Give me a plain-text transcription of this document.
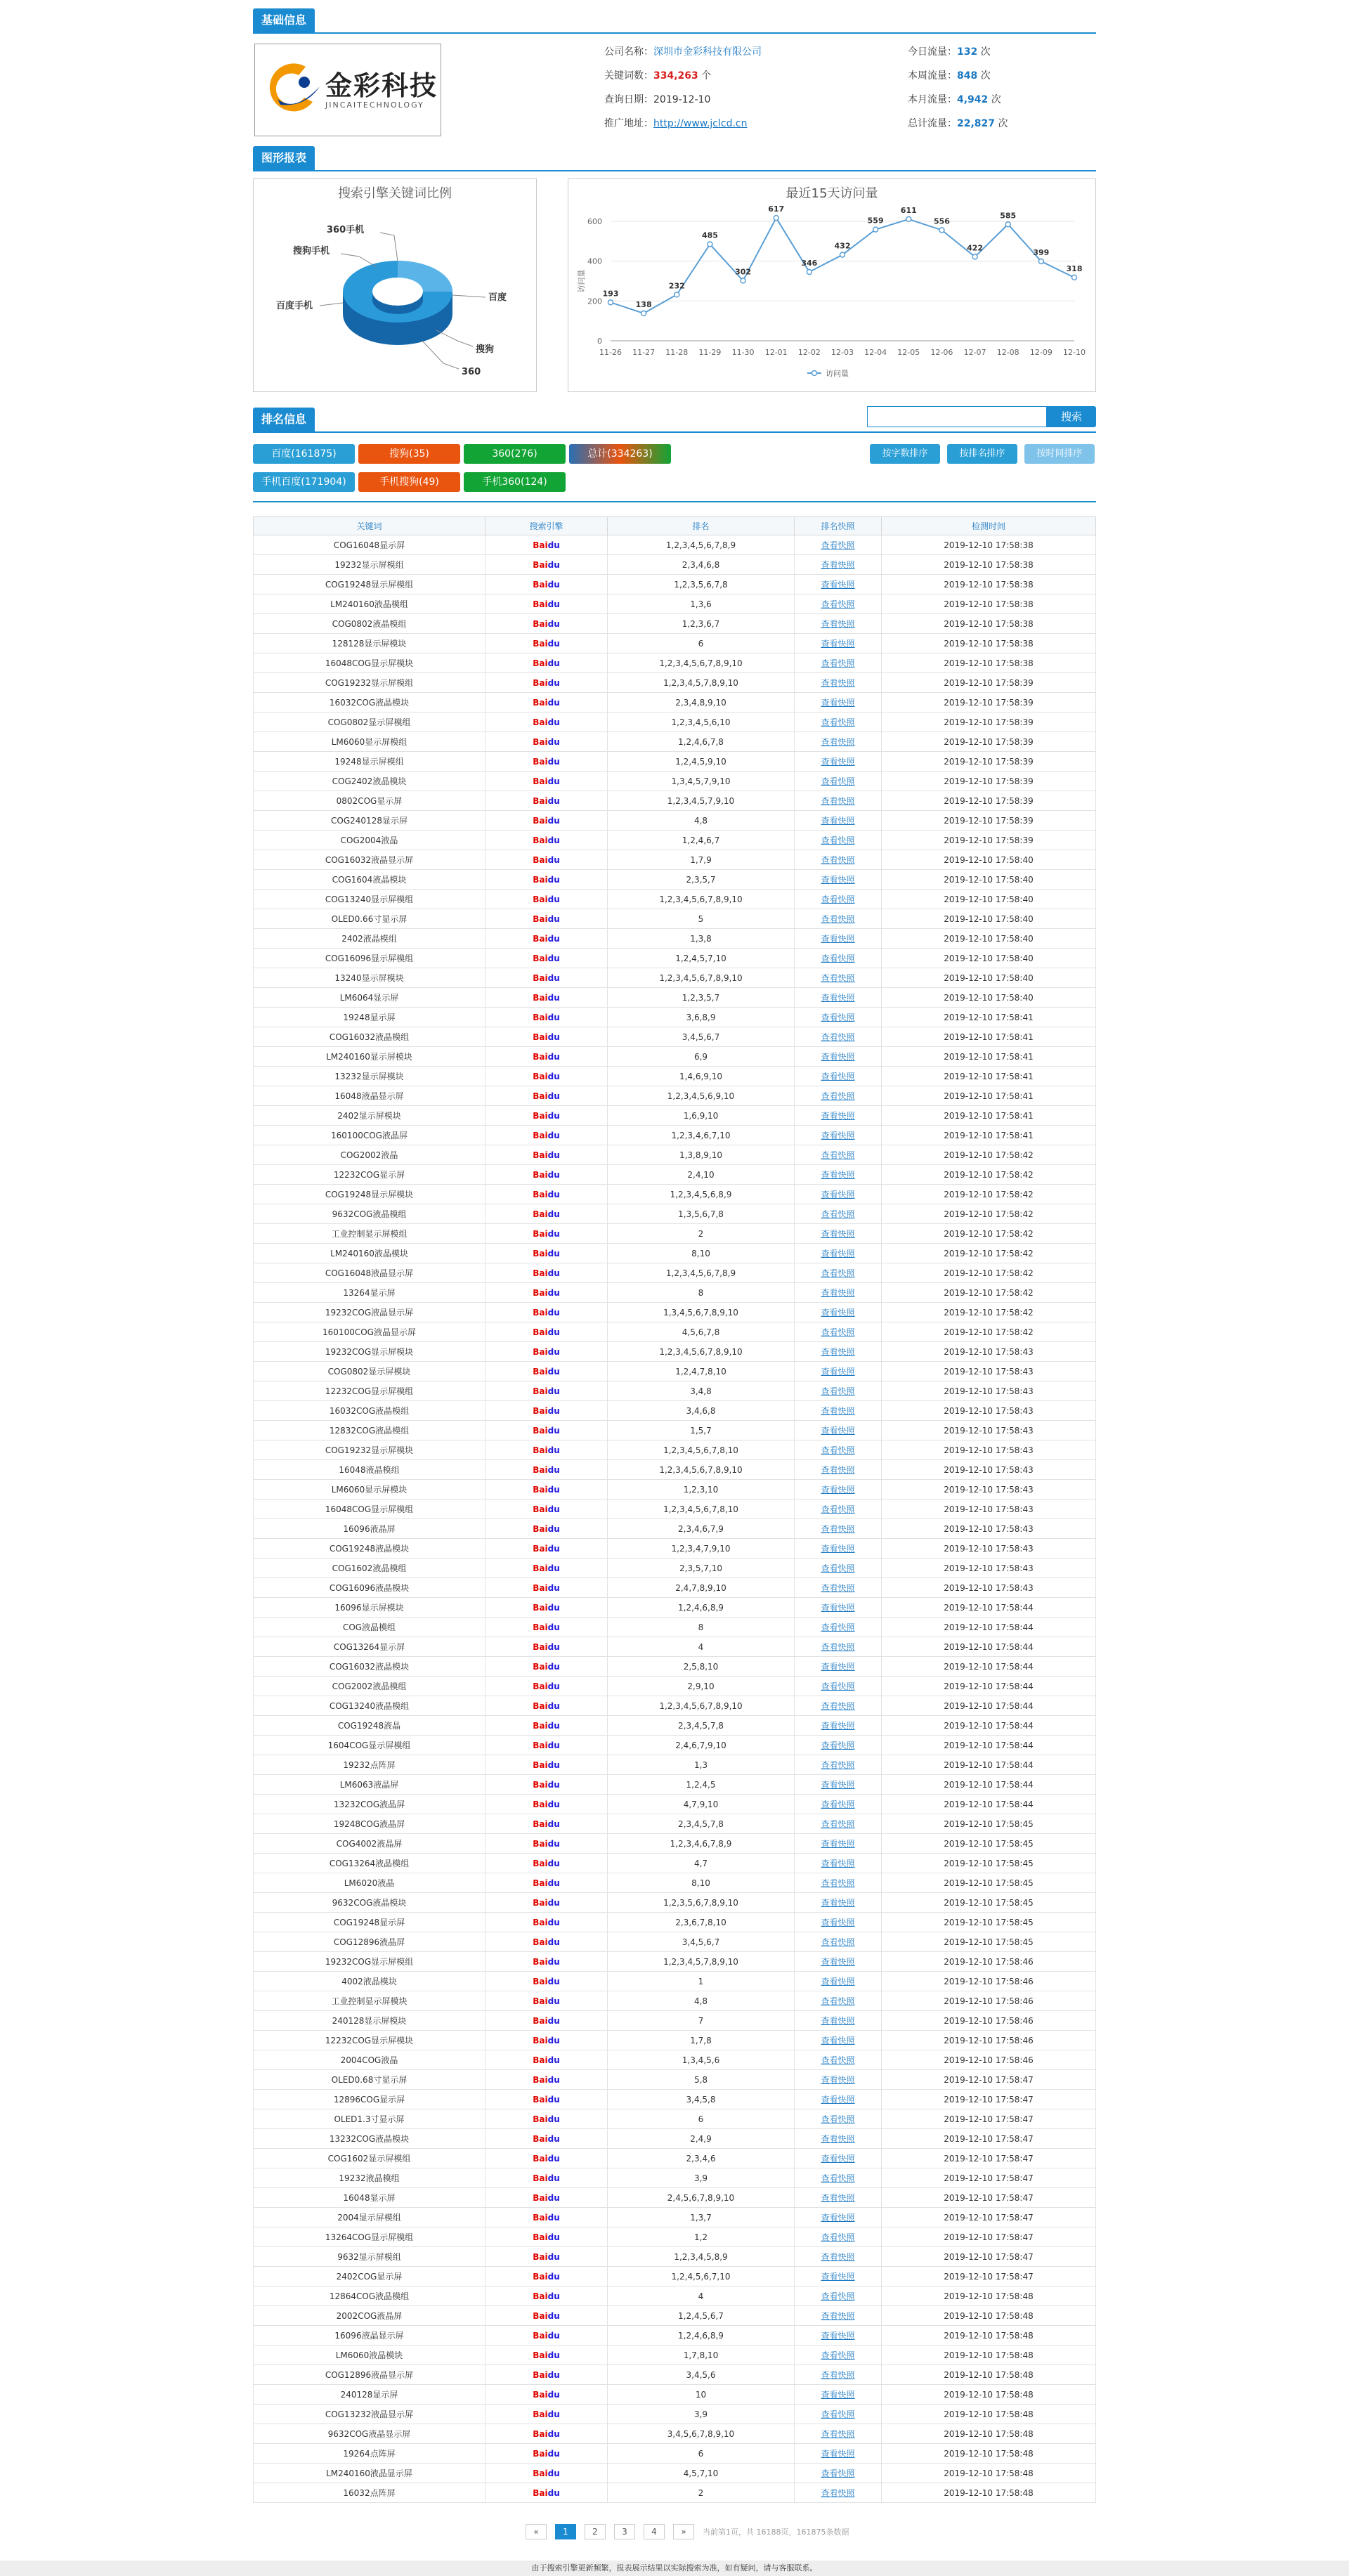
基础信息
金彩科技
JINCAITECHNOLOGY
公司名称：深圳市金彩科技有限公司
关键词数：334,263 个
查询日期：2019-12-10
推广地址：http://www.jclcd.cn
今日流量：132 次
本周流量：848 次
本月流量：4,942 次
总计流量：22,827 次
图形报表
搜索引擎关键词比例
360手机
搜狗手机
百度手机
百度
搜狗
360
最近15天访问量
0
200
400
600
访问量
11-26 11-27 11-28 11-29 11-30 12-01 12-02 12-03 12-04 12-05 12-06 12-07 12-08 12-09 12-10
193
138
232
485
302
617
346
432
559
611
556
422
585
399
318
访问量
排名信息	搜索
百度(161875)	搜狗(35)	360(276)	总计(334263)
手机百度(171904)	手机搜狗(49)	手机360(124)
按字数排序	按排名排序	按时间排序
关键词	搜索引擎	排名	排名快照	检测时间
COG16048显示屏	Baidu	1,2,3,4,5,6,7,8,9	查看快照	2019-12-10 17:58:38
19232显示屏模组	Baidu	2,3,4,6,8	查看快照	2019-12-10 17:58:38
COG19248显示屏模组	Baidu	1,2,3,5,6,7,8	查看快照	2019-12-10 17:58:38
LM240160液晶模组	Baidu	1,3,6	查看快照	2019-12-10 17:58:38
COG0802液晶模组	Baidu	1,2,3,6,7	查看快照	2019-12-10 17:58:38
128128显示屏模块	Baidu	6	查看快照	2019-12-10 17:58:38
16048COG显示屏模块	Baidu	1,2,3,4,5,6,7,8,9,10	查看快照	2019-12-10 17:58:38
COG19232显示屏模组	Baidu	1,2,3,4,5,7,8,9,10	查看快照	2019-12-10 17:58:39
16032COG液晶模块	Baidu	2,3,4,8,9,10	查看快照	2019-12-10 17:58:39
COG0802显示屏模组	Baidu	1,2,3,4,5,6,10	查看快照	2019-12-10 17:58:39
LM6060显示屏模组	Baidu	1,2,4,6,7,8	查看快照	2019-12-10 17:58:39
19248显示屏模组	Baidu	1,2,4,5,9,10	查看快照	2019-12-10 17:58:39
COG2402液晶模块	Baidu	1,3,4,5,7,9,10	查看快照	2019-12-10 17:58:39
0802COG显示屏	Baidu	1,2,3,4,5,7,9,10	查看快照	2019-12-10 17:58:39
COG240128显示屏	Baidu	4,8	查看快照	2019-12-10 17:58:39
COG2004液晶	Baidu	1,2,4,6,7	查看快照	2019-12-10 17:58:39
COG16032液晶显示屏	Baidu	1,7,9	查看快照	2019-12-10 17:58:40
COG1604液晶模块	Baidu	2,3,5,7	查看快照	2019-12-10 17:58:40
COG13240显示屏模组	Baidu	1,2,3,4,5,6,7,8,9,10	查看快照	2019-12-10 17:58:40
OLED0.66寸显示屏	Baidu	5	查看快照	2019-12-10 17:58:40
2402液晶模组	Baidu	1,3,8	查看快照	2019-12-10 17:58:40
COG16096显示屏模组	Baidu	1,2,4,5,7,10	查看快照	2019-12-10 17:58:40
13240显示屏模块	Baidu	1,2,3,4,5,6,7,8,9,10	查看快照	2019-12-10 17:58:40
LM6064显示屏	Baidu	1,2,3,5,7	查看快照	2019-12-10 17:58:40
19248显示屏	Baidu	3,6,8,9	查看快照	2019-12-10 17:58:41
COG16032液晶模组	Baidu	3,4,5,6,7	查看快照	2019-12-10 17:58:41
LM240160显示屏模块	Baidu	6,9	查看快照	2019-12-10 17:58:41
13232显示屏模块	Baidu	1,4,6,9,10	查看快照	2019-12-10 17:58:41
16048液晶显示屏	Baidu	1,2,3,4,5,6,9,10	查看快照	2019-12-10 17:58:41
2402显示屏模块	Baidu	1,6,9,10	查看快照	2019-12-10 17:58:41
160100COG液晶屏	Baidu	1,2,3,4,6,7,10	查看快照	2019-12-10 17:58:41
COG2002液晶	Baidu	1,3,8,9,10	查看快照	2019-12-10 17:58:42
12232COG显示屏	Baidu	2,4,10	查看快照	2019-12-10 17:58:42
COG19248显示屏模块	Baidu	1,2,3,4,5,6,8,9	查看快照	2019-12-10 17:58:42
9632COG液晶模组	Baidu	1,3,5,6,7,8	查看快照	2019-12-10 17:58:42
工业控制显示屏模组	Baidu	2	查看快照	2019-12-10 17:58:42
LM240160液晶模块	Baidu	8,10	查看快照	2019-12-10 17:58:42
COG16048液晶显示屏	Baidu	1,2,3,4,5,6,7,8,9	查看快照	2019-12-10 17:58:42
13264显示屏	Baidu	8	查看快照	2019-12-10 17:58:42
19232COG液晶显示屏	Baidu	1,3,4,5,6,7,8,9,10	查看快照	2019-12-10 17:58:42
160100COG液晶显示屏	Baidu	4,5,6,7,8	查看快照	2019-12-10 17:58:42
19232COG显示屏模块	Baidu	1,2,3,4,5,6,7,8,9,10	查看快照	2019-12-10 17:58:43
COG0802显示屏模块	Baidu	1,2,4,7,8,10	查看快照	2019-12-10 17:58:43
12232COG显示屏模组	Baidu	3,4,8	查看快照	2019-12-10 17:58:43
16032COG液晶模组	Baidu	3,4,6,8	查看快照	2019-12-10 17:58:43
12832COG液晶模组	Baidu	1,5,7	查看快照	2019-12-10 17:58:43
COG19232显示屏模块	Baidu	1,2,3,4,5,6,7,8,10	查看快照	2019-12-10 17:58:43
16048液晶模组	Baidu	1,2,3,4,5,6,7,8,9,10	查看快照	2019-12-10 17:58:43
LM6060显示屏模块	Baidu	1,2,3,10	查看快照	2019-12-10 17:58:43
16048COG显示屏模组	Baidu	1,2,3,4,5,6,7,8,10	查看快照	2019-12-10 17:58:43
16096液晶屏	Baidu	2,3,4,6,7,9	查看快照	2019-12-10 17:58:43
COG19248液晶模块	Baidu	1,2,3,4,7,9,10	查看快照	2019-12-10 17:58:43
COG1602液晶模组	Baidu	2,3,5,7,10	查看快照	2019-12-10 17:58:43
COG16096液晶模块	Baidu	2,4,7,8,9,10	查看快照	2019-12-10 17:58:43
16096显示屏模块	Baidu	1,2,4,6,8,9	查看快照	2019-12-10 17:58:44
COG液晶模组	Baidu	8	查看快照	2019-12-10 17:58:44
COG13264显示屏	Baidu	4	查看快照	2019-12-10 17:58:44
COG16032液晶模块	Baidu	2,5,8,10	查看快照	2019-12-10 17:58:44
COG2002液晶模组	Baidu	2,9,10	查看快照	2019-12-10 17:58:44
COG13240液晶模组	Baidu	1,2,3,4,5,6,7,8,9,10	查看快照	2019-12-10 17:58:44
COG19248液晶	Baidu	2,3,4,5,7,8	查看快照	2019-12-10 17:58:44
1604COG显示屏模组	Baidu	2,4,6,7,9,10	查看快照	2019-12-10 17:58:44
19232点阵屏	Baidu	1,3	查看快照	2019-12-10 17:58:44
LM6063液晶屏	Baidu	1,2,4,5	查看快照	2019-12-10 17:58:44
13232COG液晶屏	Baidu	4,7,9,10	查看快照	2019-12-10 17:58:44
19248COG液晶屏	Baidu	2,3,4,5,7,8	查看快照	2019-12-10 17:58:45
COG4002液晶屏	Baidu	1,2,3,4,6,7,8,9	查看快照	2019-12-10 17:58:45
COG13264液晶模组	Baidu	4,7	查看快照	2019-12-10 17:58:45
LM6020液晶	Baidu	8,10	查看快照	2019-12-10 17:58:45
9632COG液晶模块	Baidu	1,2,3,5,6,7,8,9,10	查看快照	2019-12-10 17:58:45
COG19248显示屏	Baidu	2,3,6,7,8,10	查看快照	2019-12-10 17:58:45
COG12896液晶屏	Baidu	3,4,5,6,7	查看快照	2019-12-10 17:58:45
19232COG显示屏模组	Baidu	1,2,3,4,5,7,8,9,10	查看快照	2019-12-10 17:58:46
4002液晶模块	Baidu	1	查看快照	2019-12-10 17:58:46
工业控制显示屏模块	Baidu	4,8	查看快照	2019-12-10 17:58:46
240128显示屏模块	Baidu	7	查看快照	2019-12-10 17:58:46
12232COG显示屏模块	Baidu	1,7,8	查看快照	2019-12-10 17:58:46
2004COG液晶	Baidu	1,3,4,5,6	查看快照	2019-12-10 17:58:46
OLED0.68寸显示屏	Baidu	5,8	查看快照	2019-12-10 17:58:47
12896COG显示屏	Baidu	3,4,5,8	查看快照	2019-12-10 17:58:47
OLED1.3寸显示屏	Baidu	6	查看快照	2019-12-10 17:58:47
13232COG液晶模块	Baidu	2,4,9	查看快照	2019-12-10 17:58:47
COG1602显示屏模组	Baidu	2,3,4,6	查看快照	2019-12-10 17:58:47
19232液晶模组	Baidu	3,9	查看快照	2019-12-10 17:58:47
16048显示屏	Baidu	2,4,5,6,7,8,9,10	查看快照	2019-12-10 17:58:47
2004显示屏模组	Baidu	1,3,7	查看快照	2019-12-10 17:58:47
13264COG显示屏模组	Baidu	1,2	查看快照	2019-12-10 17:58:47
9632显示屏模组	Baidu	1,2,3,4,5,8,9	查看快照	2019-12-10 17:58:47
2402COG显示屏	Baidu	1,2,4,5,6,7,10	查看快照	2019-12-10 17:58:47
12864COG液晶模组	Baidu	4	查看快照	2019-12-10 17:58:48
2002COG液晶屏	Baidu	1,2,4,5,6,7	查看快照	2019-12-10 17:58:48
16096液晶显示屏	Baidu	1,2,4,6,8,9	查看快照	2019-12-10 17:58:48
LM6060液晶模块	Baidu	1,7,8,10	查看快照	2019-12-10 17:58:48
COG12896液晶显示屏	Baidu	3,4,5,6	查看快照	2019-12-10 17:58:48
240128显示屏	Baidu	10	查看快照	2019-12-10 17:58:48
COG13232液晶显示屏	Baidu	3,9	查看快照	2019-12-10 17:58:48
9632COG液晶显示屏	Baidu	3,4,5,6,7,8,9,10	查看快照	2019-12-10 17:58:48
19264点阵屏	Baidu	6	查看快照	2019-12-10 17:58:48
LM240160液晶显示屏	Baidu	4,5,7,10	查看快照	2019-12-10 17:58:48
16032点阵屏	Baidu	2	查看快照	2019-12-10 17:58:48
«	1	2	3	4	»	当前第1页，共 16188页，161875条数据
由于搜索引擎更新频繁，报表展示结果以实际搜索为准，如有疑问，请与客服联系。
